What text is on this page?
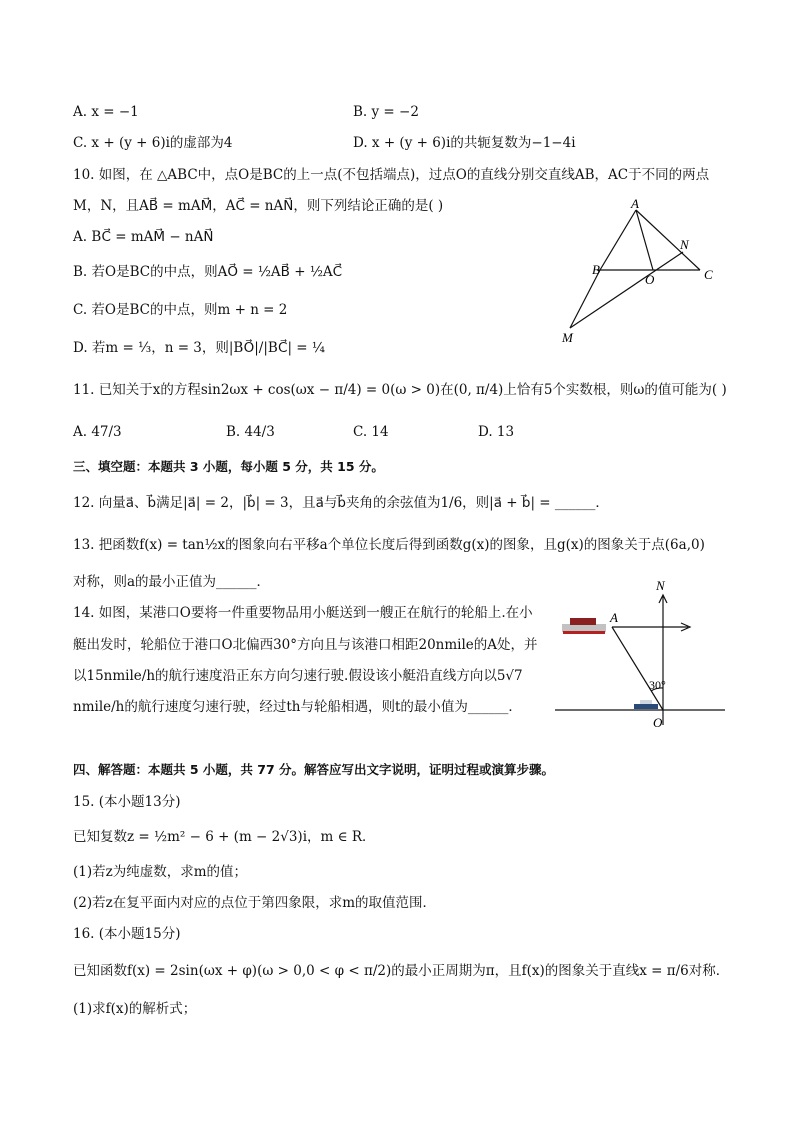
A. x = −1	B. y = −2
C. x + (y + 6)i的虚部为4	D. x + (y + 6)i的共轭复数为−1−4i
10. 如图，在 △ABC中，点O是BC的上一点(不包括端点)，过点O的直线分别交直线AB，AC于不同的两点
M，N，且AB⃗ = mAM⃗，AC⃗ = nAN⃗，则下列结论正确的是( )
A. BC⃗ = mAM⃗ − nAN⃗
B. 若O是BC的中点，则AO⃗ = ½AB⃗ + ½AC⃗
C. 若O是BC的中点，则m + n = 2
D. 若m = ⅓，n = 3，则|BO⃗|/|BC⃗| = ¼
A
B	C
N
O
M
11. 已知关于x的方程sin2ωx + cos(ωx − π/4) = 0(ω > 0)在(0, π/4)上恰有5个实数根，则ω的值可能为( )
A. 47/3	B. 44/3	C. 14	D. 13
三、填空题：本题共 3 小题，每小题 5 分，共 15 分。
12. 向量a⃗、b⃗满足|a⃗| = 2，|b⃗| = 3，且a⃗与b⃗夹角的余弦值为1/6，则|a⃗ + b⃗| = ______．
13. 把函数f(x) = tan½x的图象向右平移a个单位长度后得到函数g(x)的图象，且g(x)的图象关于点(6a,0)
对称，则a的最小正值为______．
14. 如图，某港口O要将一件重要物品用小艇送到一艘正在航行的轮船上.在小
艇出发时，轮船位于港口O北偏西30°方向且与该港口相距20nmile的A处，并
以15nmile/h的航行速度沿正东方向匀速行驶.假设该小艇沿直线方向以5√7
nmile/h的航行速度匀速行驶，经过th与轮船相遇，则t的最小值为______．
N
A
O
30°
四、解答题：本题共 5 小题，共 77 分。解答应写出文字说明，证明过程或演算步骤。
15. (本小题13分)
已知复数z = ½m² − 6 + (m − 2√3)i，m ∈ R．
(1)若z为纯虚数，求m的值；
(2)若z在复平面内对应的点位于第四象限，求m的取值范围．
16. (本小题15分)
已知函数f(x) = 2sin(ωx + φ)(ω > 0,0 < φ < π/2)的最小正周期为π，且f(x)的图象关于直线x = π/6对称．
(1)求f(x)的解析式；
